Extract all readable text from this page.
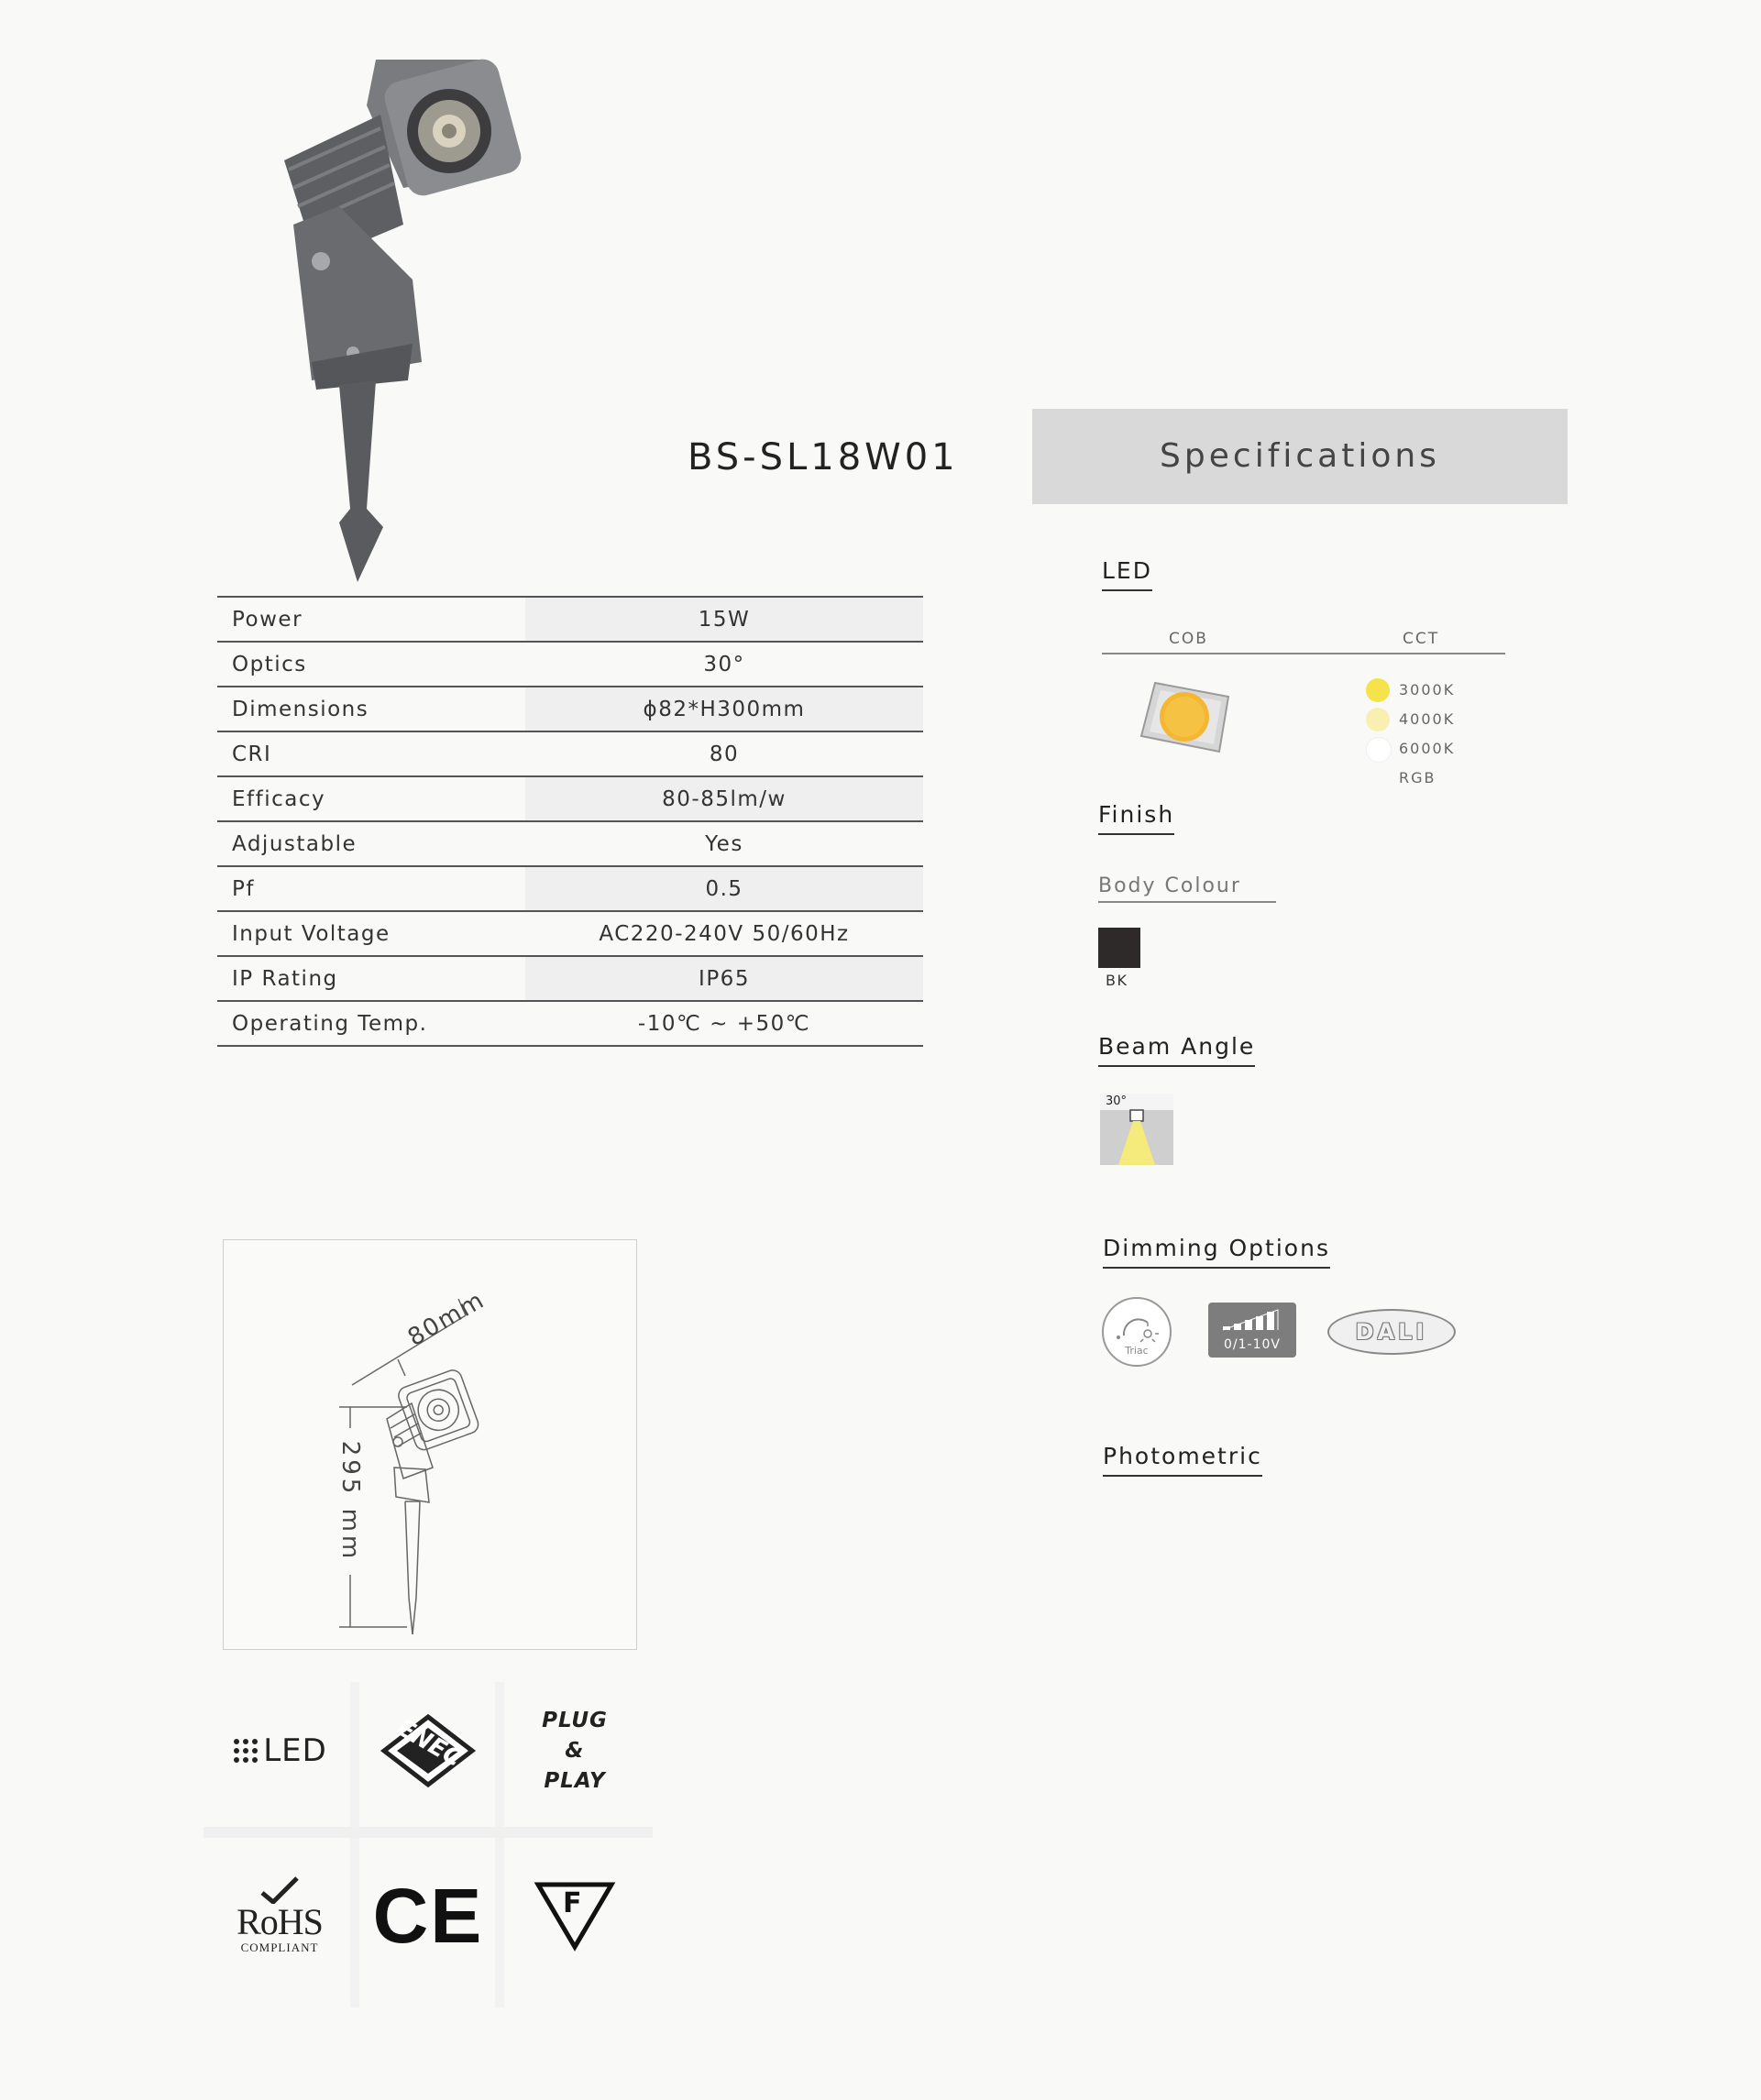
BS-SL18W01
Power	15W
Optics	30°
Dimensions	ϕ82*H300mm
CRI	80
Efficacy	80-85lm/w
Adjustable	Yes
Pf	0.5
Input Voltage	AC220-240V 50/60Hz
IP Rating	IP65
Operating Temp.	-10℃ ~ +50℃
Specifications
LED
COB	CCT
3000K
4000K
6000K
RGB
Finish
Body Colour
BK
Beam Angle
30°
Dimming Options
Triac	0/1-10V	DALI
Photometric
80mm
295 mm
LED	ENEC	PLUG
&
PLAY
RoHS
COMPLIANT CE	F
